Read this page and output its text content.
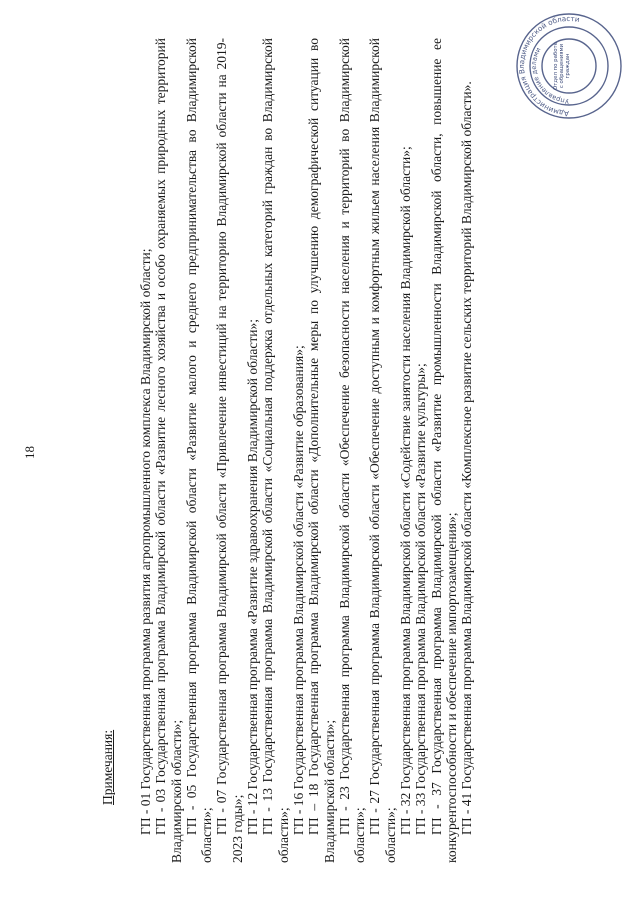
18
Примечания: ГП - 01 Государственная программа развития агропромышленного комплекса Владимирской области; ГП - 03 Государственная программа Владимирской области «Развитие лесного хозяйства и особо охраняемых природных территорий Владимирской области»; ГП - 05 Государственная программа Владимирской области «Развитие малого и среднего предпринимательства во Владимирской области»;
ГП - 07 Государственная программа Владимирской области «Привлечение инвестиций на территорию Владимирской области на 2019-2023 годы»; ГП - 12 Государственная программа «Развитие здравоохранения Владимирской области»; ГП - 13 Государственная программа Владимирской области «Социальная поддержка отдельных категорий граждан во Владимирской области»;
ГП - 16 Государственная программа Владимирской области «Развитие образования»; ГП – 18 Государственная программа Владимирской области «Дополнительные меры по улучшению демографической ситуации во Владимирской области»; ГП - 23 Государственная программа Владимирской области «Обеспечение безопасности населения и территорий во Владимирской области»;
ГП - 27 Государственная программа Владимирской области «Обеспечение доступным и комфортным жильем населения Владимирской области»;
ГП - 32 Государственная программа Владимирской области «Содействие занятости населения Владимирской области»; ГП - 33 Государственная программа Владимирской области «Развитие культуры»; ГП - 37 Государственная программа Владимирской области «Развитие промышленности Владимирской области, повышение ее конкурентоспособности и обеспечение импортозамещения»; ГП - 41 Государственная программа Владимирской области «Комплексное развитие сельских территорий Владимирской области».	Администрация Владимирской области
Управление делами	Отдел по работе с обращениями граждан
